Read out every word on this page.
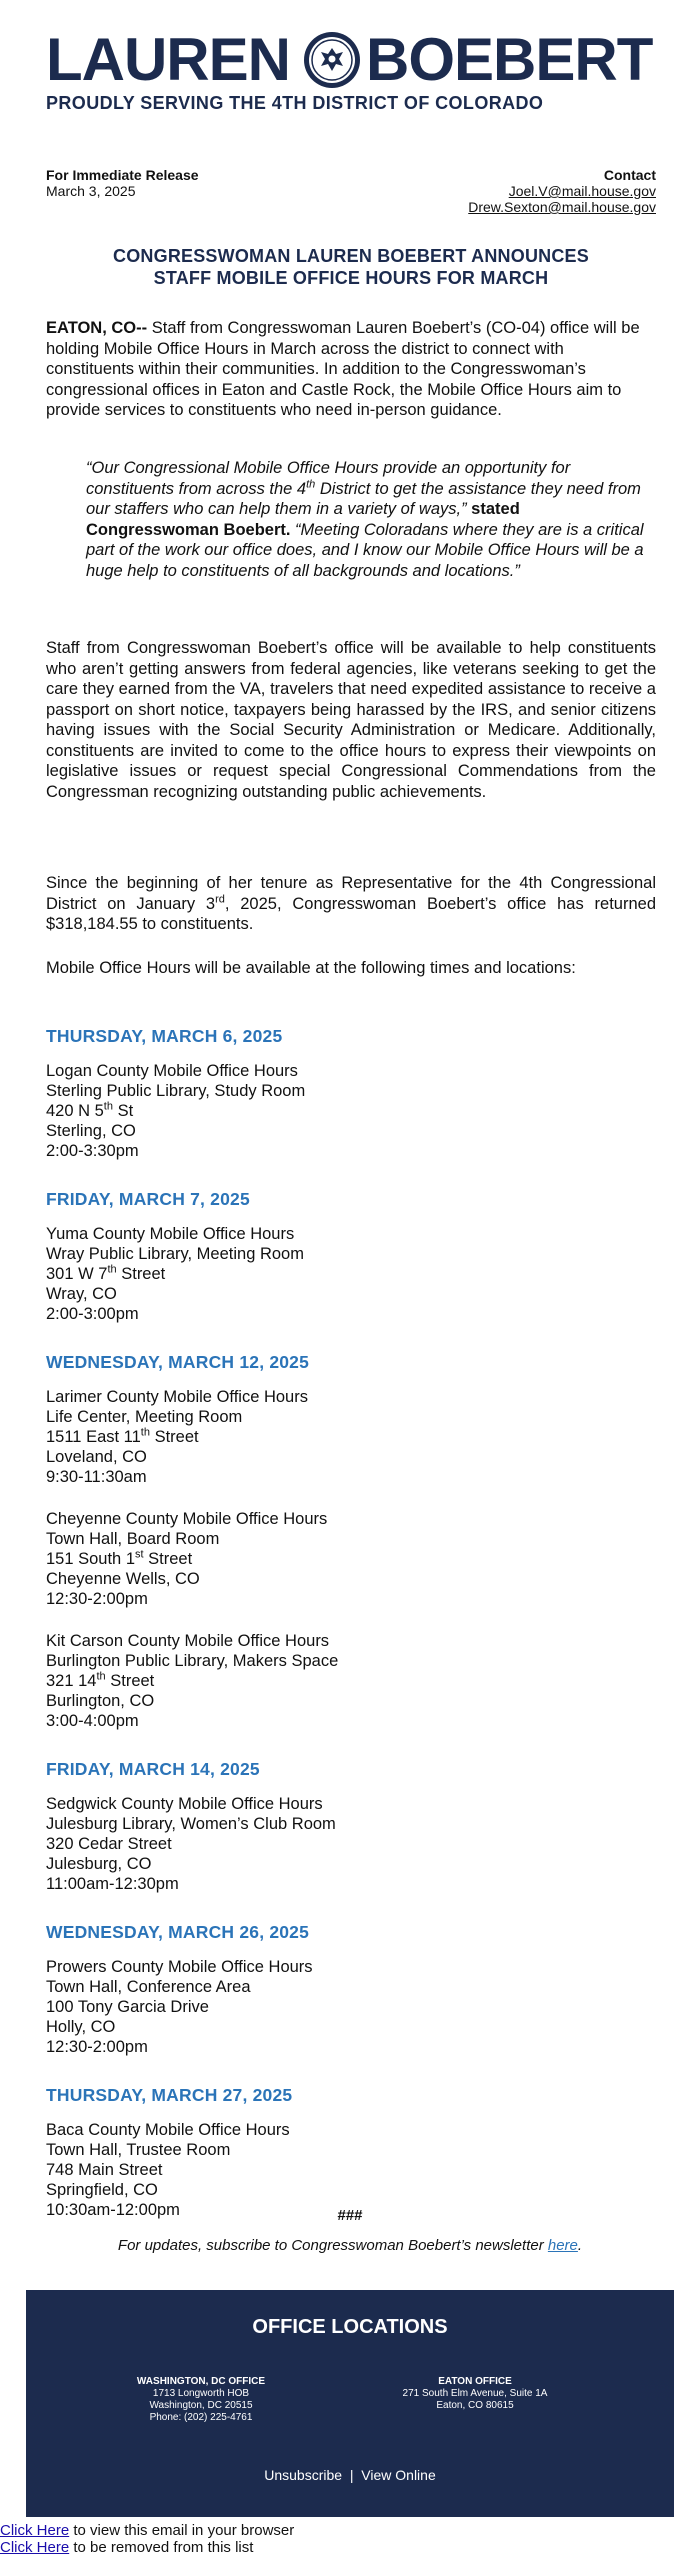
LAUREN BOEBERT
PROUDLY SERVING THE 4TH DISTRICT OF COLORADO
For Immediate Release
March 3, 2025
Contact
Joel.V@mail.house.gov
Drew.Sexton@mail.house.gov
CONGRESSWOMAN LAUREN BOEBERT ANNOUNCES
STAFF MOBILE OFFICE HOURS FOR MARCH
EATON, CO-- Staff from Congresswoman Lauren Boebert’s (CO-04) office will be holding Mobile Office Hours in March across the district to connect with constituents within their communities. In addition to the Congresswoman’s congressional offices in Eaton and Castle Rock, the Mobile Office Hours aim to provide services to constituents who need in-person guidance.
“Our Congressional Mobile Office Hours provide an opportunity for constituents from across the 4th District to get the assistance they need from our staffers who can help them in a variety of ways,” stated Congresswoman Boebert. “Meeting Coloradans where they are is a critical part of the work our office does, and I know our Mobile Office Hours will be a huge help to constituents of all backgrounds and locations.”
Staff from Congresswoman Boebert’s office will be available to help constituents who aren’t getting answers from federal agencies, like veterans seeking to get the care they earned from the VA, travelers that need expedited assistance to receive a passport on short notice, taxpayers being harassed by the IRS, and senior citizens having issues with the Social Security Administration or Medicare. Additionally, constituents are invited to come to the office hours to express their viewpoints on legislative issues or request special Congressional Commendations from the Congressman recognizing outstanding public achievements.
Since the beginning of her tenure as Representative for the 4th Congressional District on January 3rd, 2025, Congresswoman Boebert’s office has returned $318,184.55 to constituents.
Mobile Office Hours will be available at the following times and locations:
THURSDAY, MARCH 6, 2025
Logan County Mobile Office Hours
Sterling Public Library, Study Room
420 N 5th St
Sterling, CO
2:00-3:30pm
FRIDAY, MARCH 7, 2025
Yuma County Mobile Office Hours
Wray Public Library, Meeting Room
301 W 7th Street
Wray, CO
2:00-3:00pm
WEDNESDAY, MARCH 12, 2025
Larimer County Mobile Office Hours
Life Center, Meeting Room
1511 East 11th Street
Loveland, CO
9:30-11:30am
Cheyenne County Mobile Office Hours
Town Hall, Board Room
151 South 1st Street
Cheyenne Wells, CO
12:30-2:00pm
Kit Carson County Mobile Office Hours
Burlington Public Library, Makers Space
321 14th Street
Burlington, CO
3:00-4:00pm
FRIDAY, MARCH 14, 2025
Sedgwick County Mobile Office Hours
Julesburg Library, Women’s Club Room
320 Cedar Street
Julesburg, CO
11:00am-12:30pm
WEDNESDAY, MARCH 26, 2025
Prowers County Mobile Office Hours
Town Hall, Conference Area
100 Tony Garcia Drive
Holly, CO
12:30-2:00pm
THURSDAY, MARCH 27, 2025
Baca County Mobile Office Hours
Town Hall, Trustee Room
748 Main Street
Springfield, CO
10:30am-12:00pm	###
For updates, subscribe to Congresswoman Boebert’s newsletter here.
OFFICE LOCATIONS
WASHINGTON, DC OFFICE
1713 Longworth HOB
Washington, DC 20515
Phone: (202) 225-4761
EATON OFFICE
271 South Elm Avenue, Suite 1A
Eaton, CO 80615
Unsubscribe | View Online
Click Here to view this email in your browser
Click Here to be removed from this list
